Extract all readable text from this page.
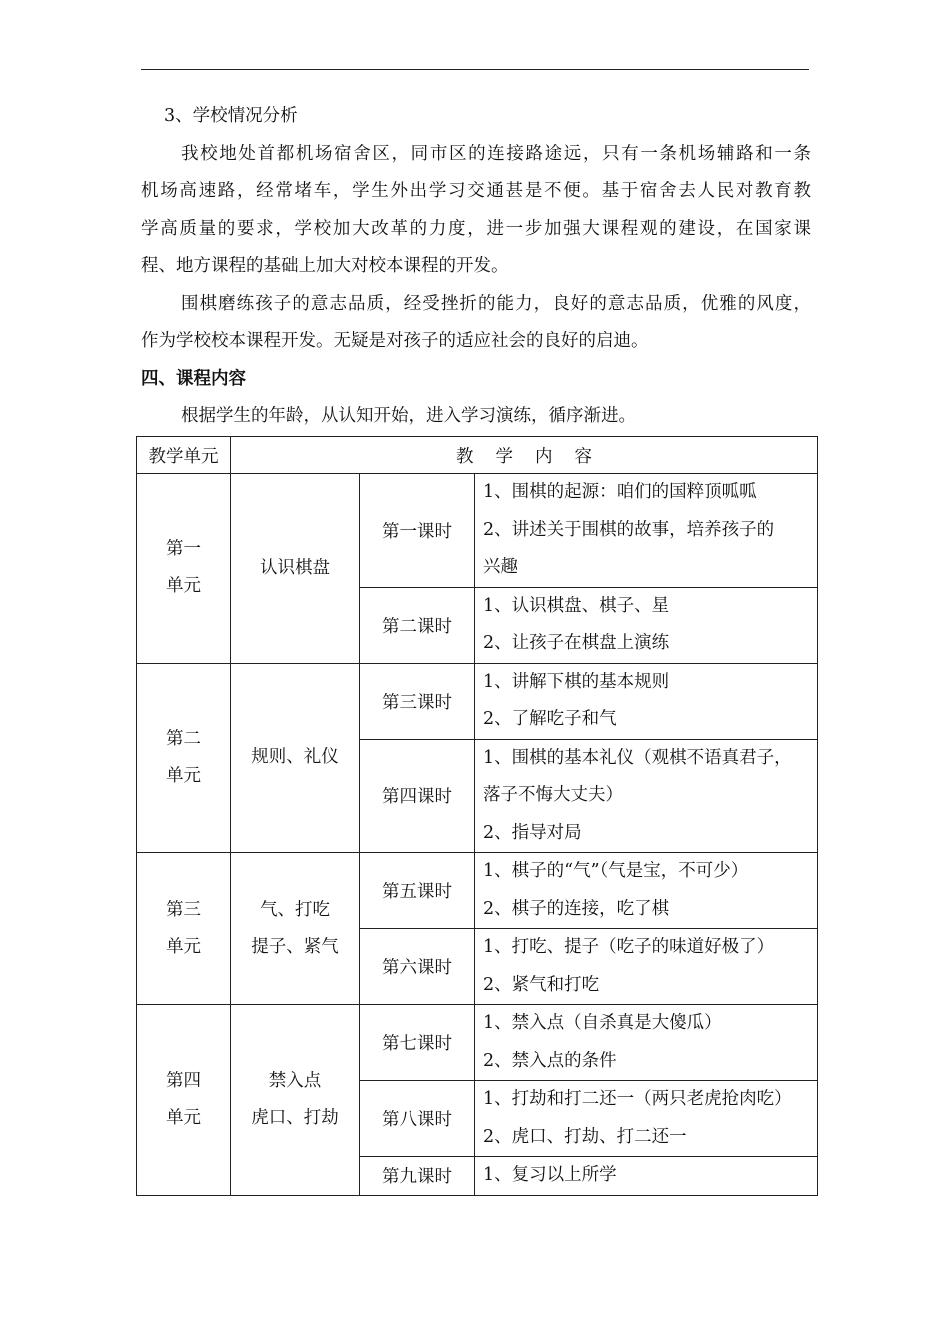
3、学校情况分析
我校地处首都机场宿舍区，同市区的连接路途远，只有一条机场辅路和一条
机场高速路，经常堵车，学生外出学习交通甚是不便。基于宿舍去人民对教育教
学高质量的要求，学校加大改革的力度，进一步加强大课程观的建设，在国家课
程、地方课程的基础上加大对校本课程的开发。
围棋磨练孩子的意志品质，经受挫折的能力，良好的意志品质，优雅的风度，
作为学校校本课程开发。无疑是对孩子的适应社会的良好的启迪。
四、课程内容
根据学生的年龄，从认知开始，进入学习演练，循序渐进。
教学单元	教学内容		

第一
单元	认识棋盘	第一课时	1、围棋的起源：咱们的国粹顶呱呱
2、讲述关于围棋的故事，培养孩子的
兴趣

		第二课时	1、认识棋盘、棋子、星
2、让孩子在棋盘上演练

第二
单元	规则、礼仪	第三课时	1、讲解下棋的基本规则
2、了解吃子和气

		第四课时	1、围棋的基本礼仪（观棋不语真君子，
落子不悔大丈夫）
2、指导对局

第三
单元	气、打吃
提子、紧气	第五课时	1、棋子的“气”（气是宝，不可少）
2、棋子的连接，吃了棋

		第六课时	1、打吃、提子（吃子的味道好极了）
2、紧气和打吃

第四
单元	禁入点
虎口、打劫	第七课时	1、禁入点（自杀真是大傻瓜）
2、禁入点的条件

		第八课时	1、打劫和打二还一（两只老虎抢肉吃）
2、虎口、打劫、打二还一

		第九课时	1、复习以上所学
